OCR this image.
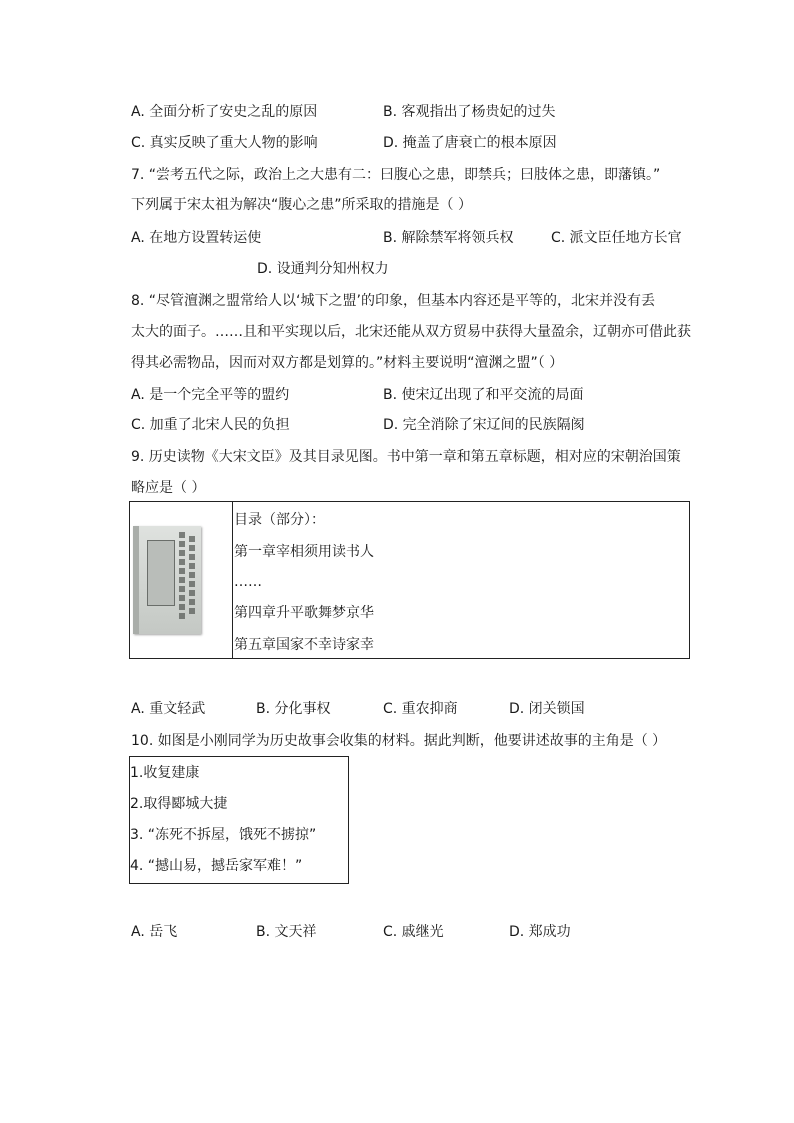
A. 全面分析了安史之乱的原因	B. 客观指出了杨贵妃的过失
C. 真实反映了重大人物的影响	D. 掩盖了唐衰亡的根本原因
7. “尝考五代之际，政治上之大患有二：曰腹心之患，即禁兵；曰肢体之患，即藩镇。”
下列属于宋太祖为解决“腹心之患”所采取的措施是（ ）
A. 在地方设置转运使	B. 解除禁军将领兵权	C. 派文臣任地方长官
D. 设通判分知州权力
8. “尽管澶渊之盟常给人以‘城下之盟’的印象，但基本内容还是平等的，北宋并没有丢
太大的面子。……且和平实现以后，北宋还能从双方贸易中获得大量盈余，辽朝亦可借此获
得其必需物品，因而对双方都是划算的。”材料主要说明“澶渊之盟”（ ）
A. 是一个完全平等的盟约	B. 使宋辽出现了和平交流的局面
C. 加重了北宋人民的负担	D. 完全消除了宋辽间的民族隔阂
9. 历史读物《大宋文臣》及其目录见图。书中第一章和第五章标题，相对应的宋朝治国策
略应是（ ）
目录（部分）：
第一章宰相须用读书人
……
第四章升平歌舞梦京华
第五章国家不幸诗家幸
A. 重文轻武	B. 分化事权	C. 重农抑商	D. 闭关锁国
10. 如图是小刚同学为历史故事会收集的材料。据此判断，他要讲述故事的主角是（ ）
1.收复建康
2.取得郾城大捷
3. “冻死不拆屋，饿死不掳掠”
4. “撼山易，撼岳家军难！”
A. 岳飞	B. 文天祥	C. 戚继光	D. 郑成功
